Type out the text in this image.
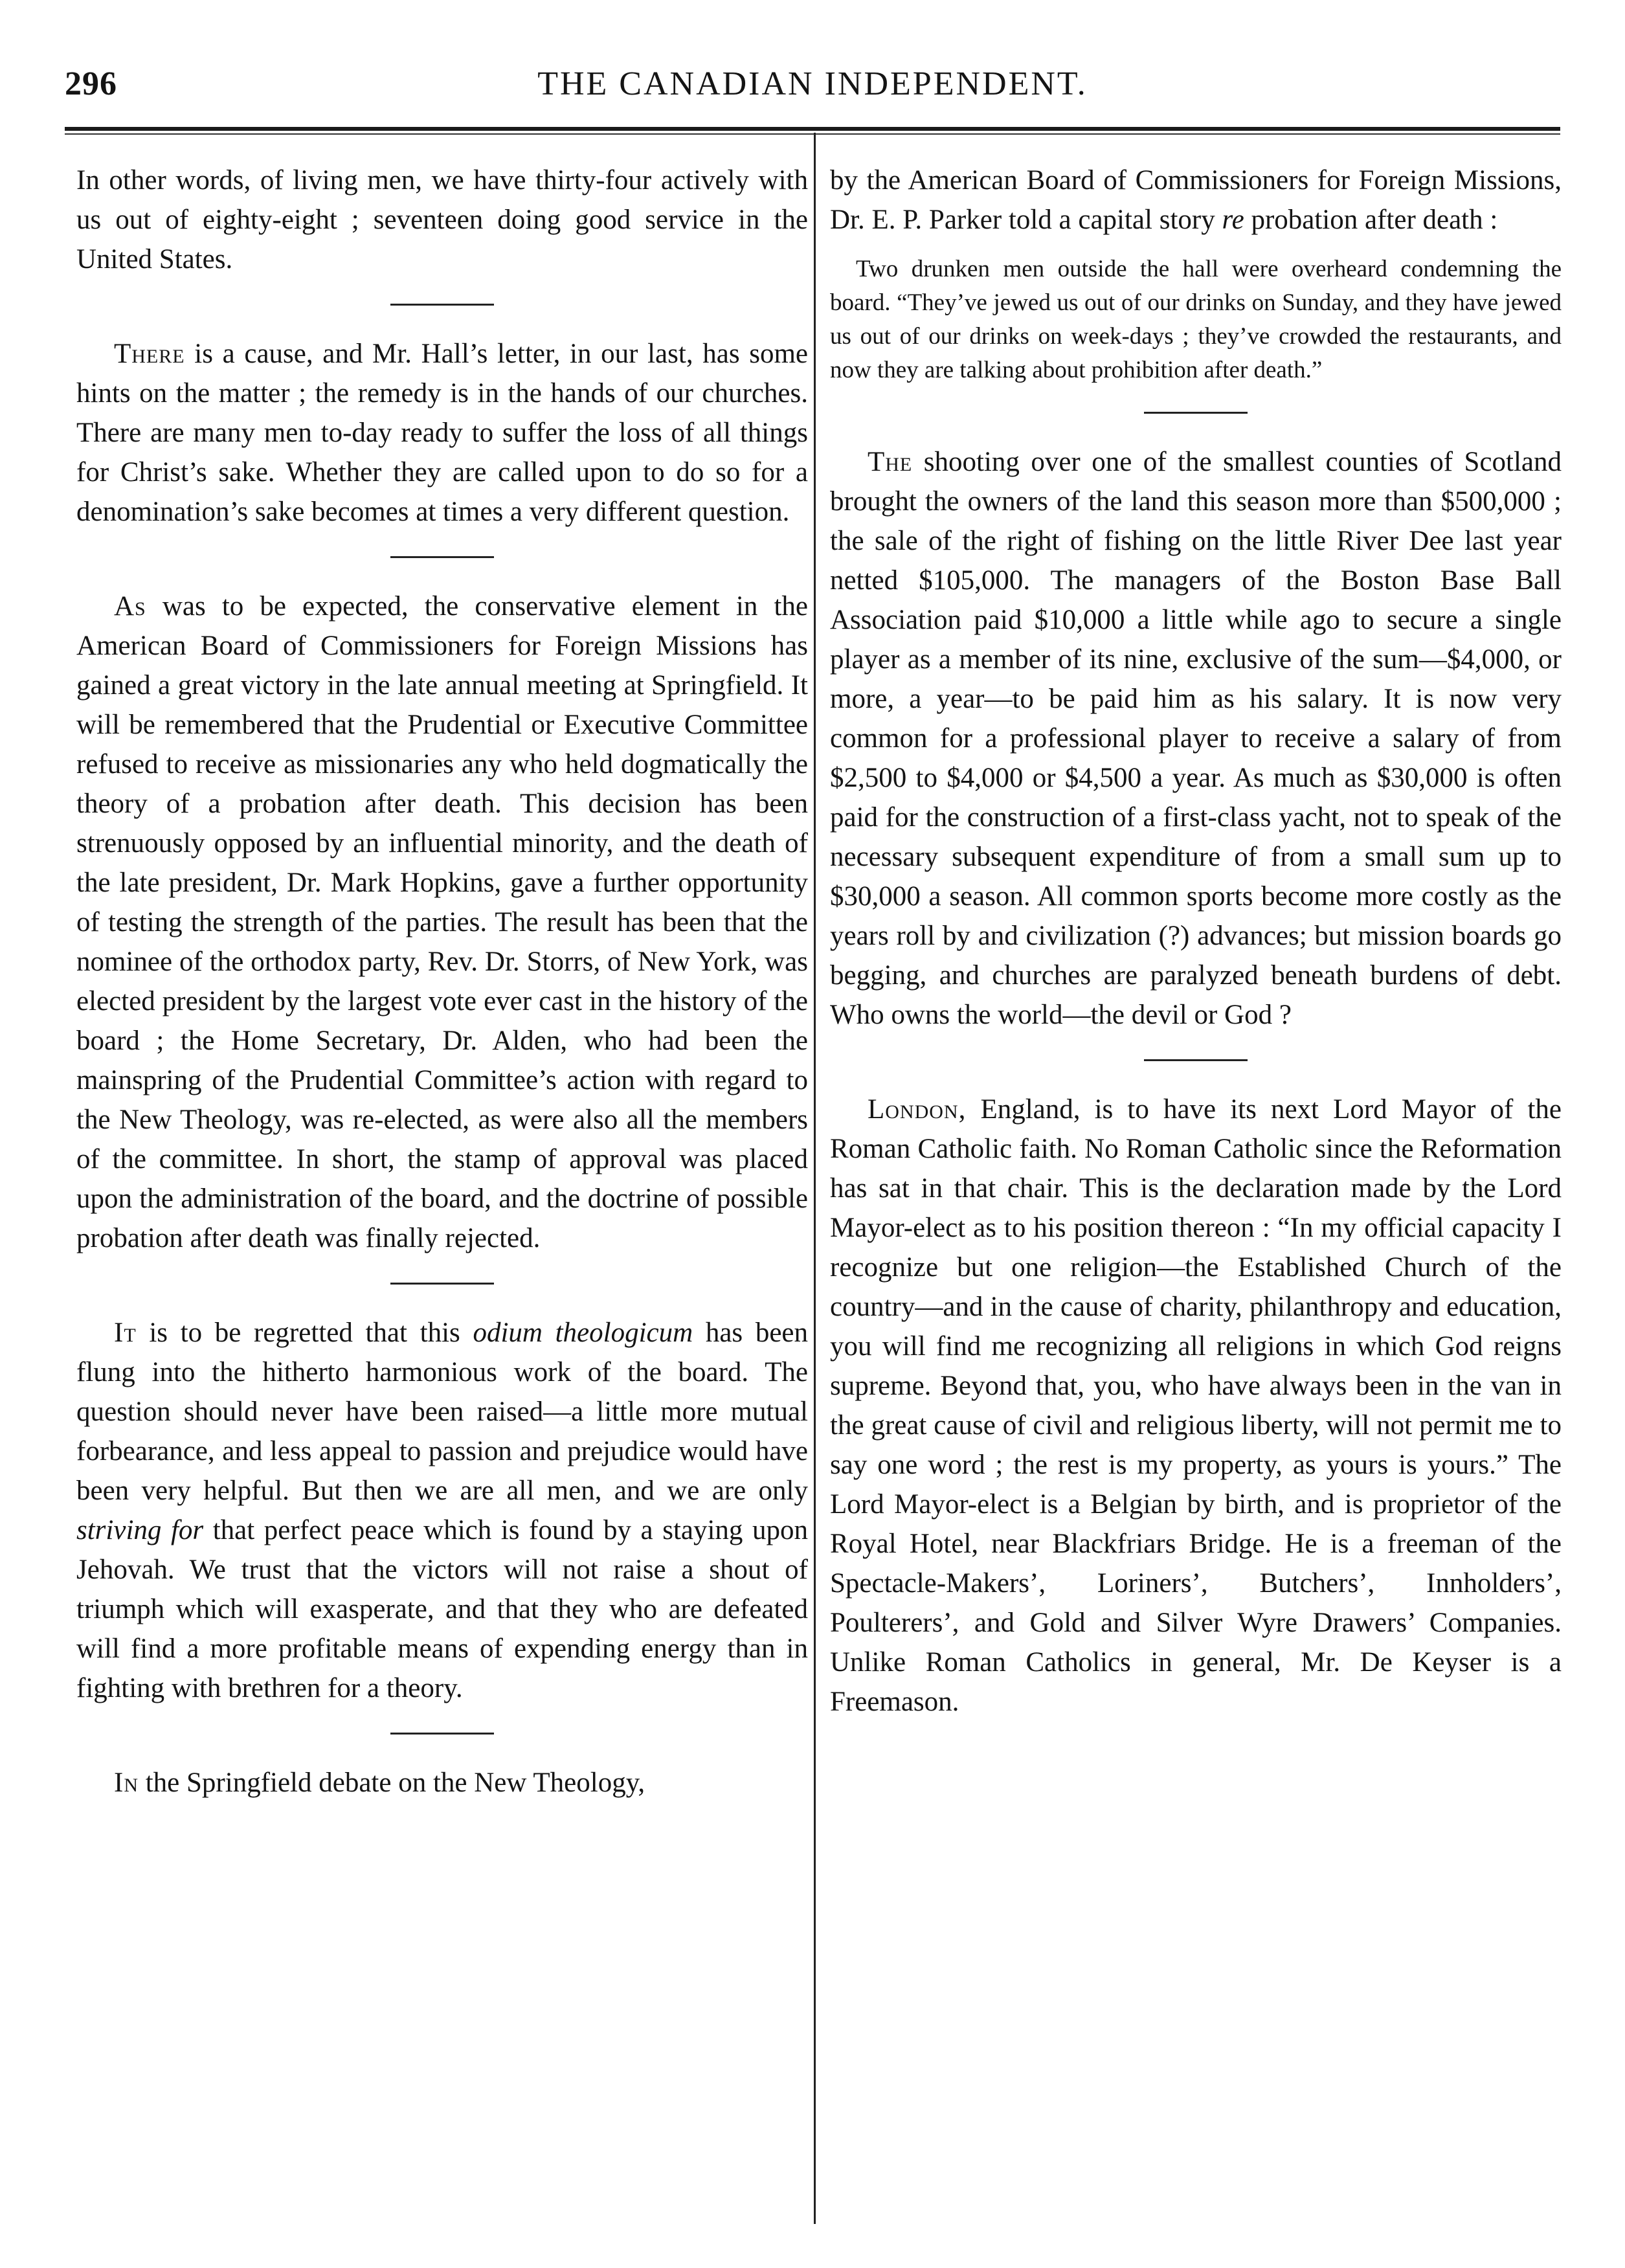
296	THE CANADIAN INDEPENDENT.

In other words, of living men, we have thirty-four actively with us out of eighty-eight ; seventeen doing good service in the United States.

There is a cause, and Mr. Hall’s letter, in our last, has some hints on the matter ; the remedy is in the hands of our churches. There are many men to-day ready to suffer the loss of all things for Christ’s sake. Whether they are called upon to do so for a denomination’s sake becomes at times a very different question.

As was to be expected, the conservative element in the American Board of Commissioners for Foreign Missions has gained a great victory in the late annual meeting at Springfield. It will be remembered that the Prudential or Executive Committee refused to receive as missionaries any who held dogmatically the theory of a probation after death. This decision has been strenuously opposed by an influential minority, and the death of the late president, Dr. Mark Hopkins, gave a further opportunity of testing the strength of the parties. The result has been that the nominee of the orthodox party, Rev. Dr. Storrs, of New York, was elected president by the largest vote ever cast in the history of the board ; the Home Secretary, Dr. Alden, who had been the mainspring of the Prudential Committee’s action with regard to the New Theology, was re-elected, as were also all the members of the committee. In short, the stamp of approval was placed upon the administration of the board, and the doctrine of possible probation after death was finally rejected.

It is to be regretted that this odium theologicum has been flung into the hitherto harmonious work of the board. The question should never have been raised—a little more mutual forbearance, and less appeal to passion and prejudice would have been very helpful. But then we are all men, and we are only striving for that perfect peace which is found by a staying upon Jehovah. We trust that the victors will not raise a shout of triumph which will exasperate, and that they who are defeated will find a more profitable means of expending energy than in fighting with brethren for a theory.

In the Springfield debate on the New Theology,

by the American Board of Commissioners for Foreign Missions, Dr. E. P. Parker told a capital story re probation after death :

Two drunken men outside the hall were overheard condemning the board. “They’ve jewed us out of our drinks on Sunday, and they have jewed us out of our drinks on week-days ; they’ve crowded the restaurants, and now they are talking about prohibition after death.”

The shooting over one of the smallest counties of Scotland brought the owners of the land this season more than $500,000 ; the sale of the right of fishing on the little River Dee last year netted $105,000. The managers of the Boston Base Ball Association paid $10,000 a little while ago to secure a single player as a member of its nine, exclusive of the sum—$4,000, or more, a year—to be paid him as his salary. It is now very common for a professional player to receive a salary of from $2,500 to $4,000 or $4,500 a year. As much as $30,000 is often paid for the construction of a first-class yacht, not to speak of the necessary subsequent expenditure of from a small sum up to $30,000 a season. All common sports become more costly as the years roll by and civilization (?) advances; but mission boards go begging, and churches are paralyzed beneath burdens of debt. Who owns the world—the devil or God ?

London, England, is to have its next Lord Mayor of the Roman Catholic faith. No Roman Catholic since the Reformation has sat in that chair. This is the declaration made by the Lord Mayor-elect as to his position thereon : “In my official capacity I recognize but one religion—the Established Church of the country—and in the cause of charity, philanthropy and education, you will find me recognizing all religions in which God reigns supreme. Beyond that, you, who have always been in the van in the great cause of civil and religious liberty, will not permit me to say one word ; the rest is my property, as yours is yours.” The Lord Mayor-elect is a Belgian by birth, and is proprietor of the Royal Hotel, near Blackfriars Bridge. He is a freeman of the Spectacle-Makers’, Loriners’, Butchers’, Innholders’, Poulterers’, and Gold and Silver Wyre Drawers’ Companies. Unlike Roman Catholics in general, Mr. De Keyser is a Freemason.
